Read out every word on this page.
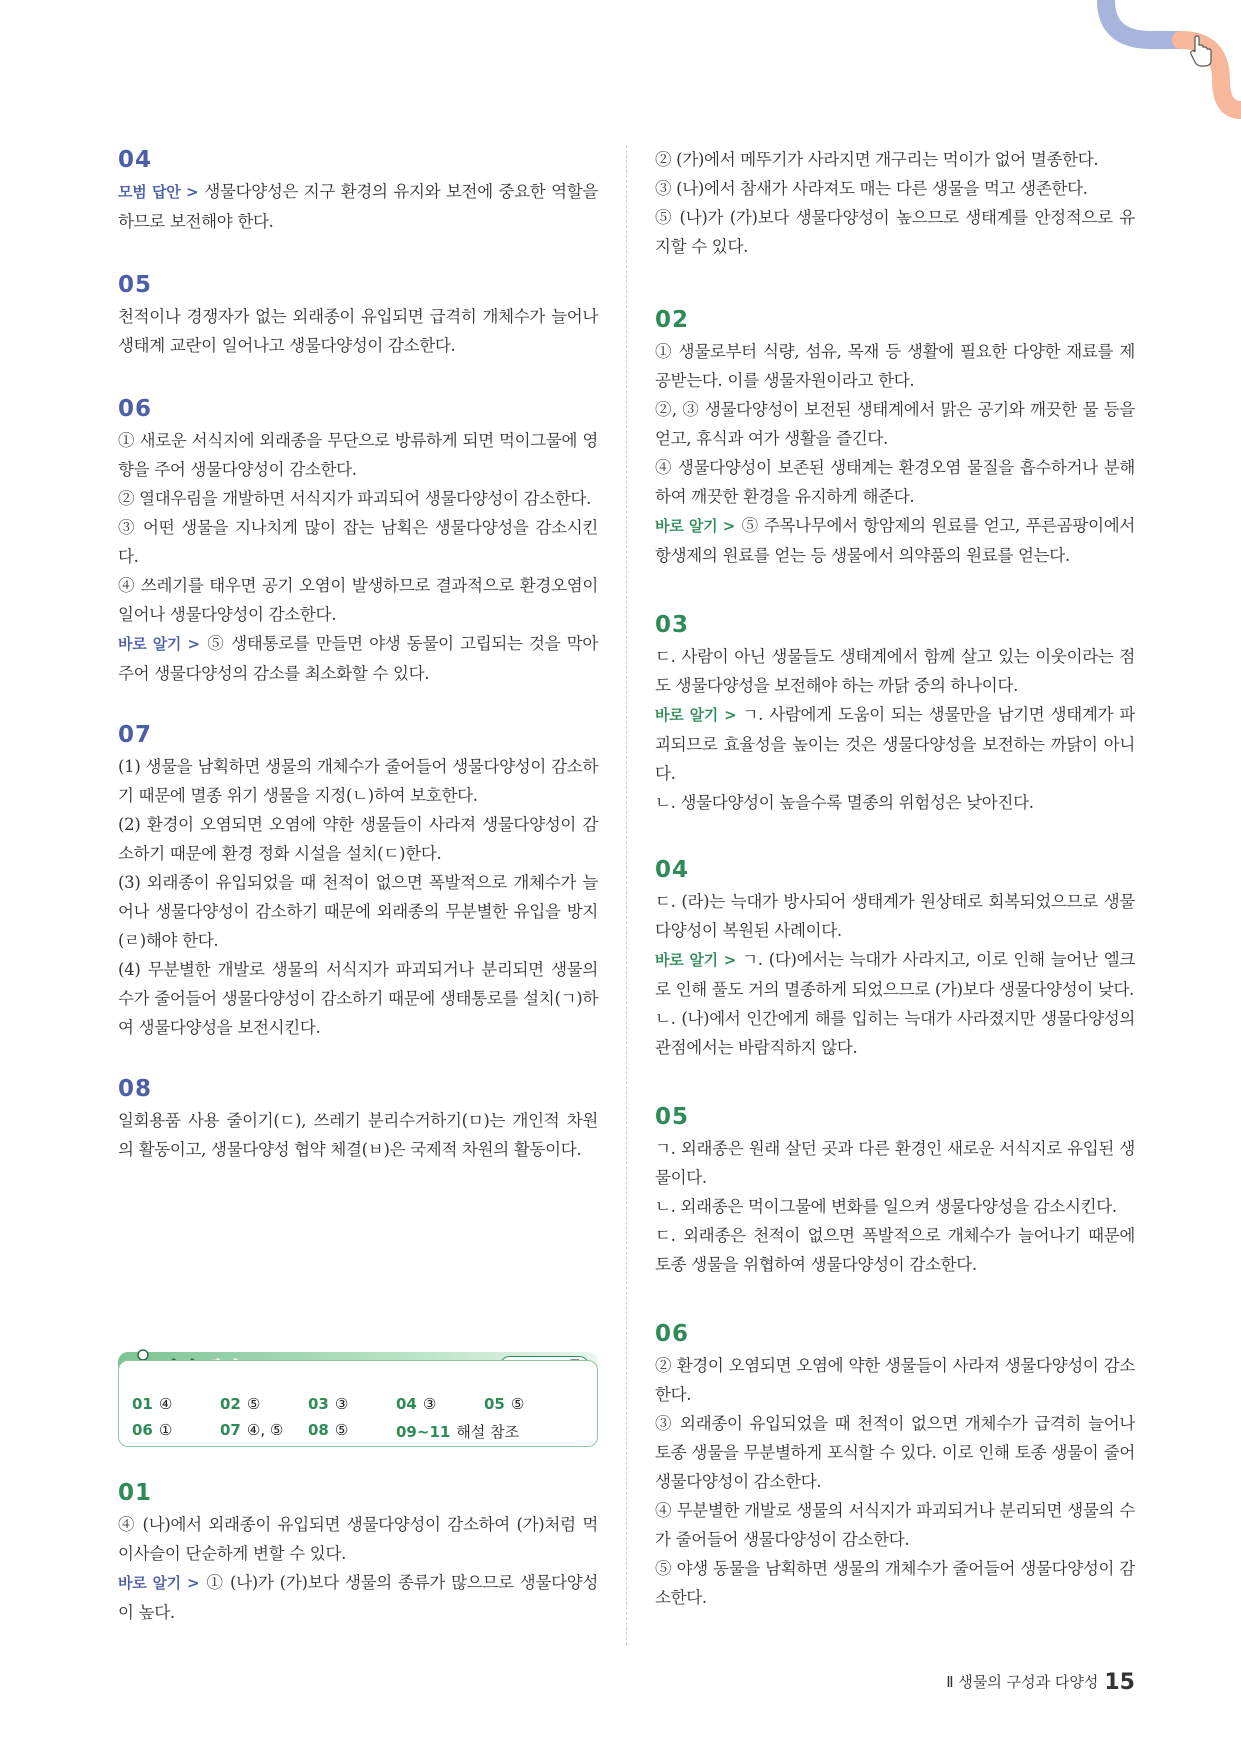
04

모범 답안 > 생물다양성은 지구 환경의 유지와 보전에 중요한 역할을 하므로 보전해야 한다.

05

천적이나 경쟁자가 없는 외래종이 유입되면 급격히 개체수가 늘어나 생태계 교란이 일어나고 생물다양성이 감소한다.

06

① 새로운 서식지에 외래종을 무단으로 방류하게 되면 먹이그물에 영향을 주어 생물다양성이 감소한다.

② 열대우림을 개발하면 서식지가 파괴되어 생물다양성이 감소한다.

③ 어떤 생물을 지나치게 많이 잡는 남획은 생물다양성을 감소시킨다.

④ 쓰레기를 태우면 공기 오염이 발생하므로 결과적으로 환경오염이 일어나 생물다양성이 감소한다.

바로 알기 > ⑤ 생태통로를 만들면 야생 동물이 고립되는 것을 막아 주어 생물다양성의 감소를 최소화할 수 있다.

07

(1) 생물을 남획하면 생물의 개체수가 줄어들어 생물다양성이 감소하기 때문에 멸종 위기 생물을 지정(ㄴ)하여 보호한다.

(2) 환경이 오염되면 오염에 약한 생물들이 사라져 생물다양성이 감소하기 때문에 환경 정화 시설을 설치(ㄷ)한다.

(3) 외래종이 유입되었을 때 천적이 없으면 폭발적으로 개체수가 늘어나 생물다양성이 감소하기 때문에 외래종의 무분별한 유입을 방지(ㄹ)해야 한다.

(4) 무분별한 개발로 생물의 서식지가 파괴되거나 분리되면 생물의 수가 줄어들어 생물다양성이 감소하기 때문에 생태통로를 설치(ㄱ)하여 생물다양성을 보전시킨다.

08

일회용품 사용 줄이기(ㄷ), 쓰레기 분리수거하기(ㅁ)는 개인적 차원의 활동이고, 생물다양성 협약 체결(ㅂ)은 국제적 차원의 활동이다.

01 ④	02 ⑤	03 ③	04 ③	05 ⑤
06 ①	07 ④, ⑤ 08 ⑤	09~11 해설 참조
01

④ (나)에서 외래종이 유입되면 생물다양성이 감소하여 (가)처럼 먹이사슬이 단순하게 변할 수 있다.

바로 알기 > ① (나)가 (가)보다 생물의 종류가 많으므로 생물다양성이 높다.

② (가)에서 메뚜기가 사라지면 개구리는 먹이가 없어 멸종한다.

③ (나)에서 참새가 사라져도 매는 다른 생물을 먹고 생존한다.

⑤ (나)가 (가)보다 생물다양성이 높으므로 생태계를 안정적으로 유지할 수 있다.

02

① 생물로부터 식량, 섬유, 목재 등 생활에 필요한 다양한 재료를 제공받는다. 이를 생물자원이라고 한다.

②, ③ 생물다양성이 보전된 생태계에서 맑은 공기와 깨끗한 물 등을 얻고, 휴식과 여가 생활을 즐긴다.

④ 생물다양성이 보존된 생태계는 환경오염 물질을 흡수하거나 분해하여 깨끗한 환경을 유지하게 해준다.

바로 알기 > ⑤ 주목나무에서 항암제의 원료를 얻고, 푸른곰팡이에서 항생제의 원료를 얻는 등 생물에서 의약품의 원료를 얻는다.

03

ㄷ. 사람이 아닌 생물들도 생태계에서 함께 살고 있는 이웃이라는 점도 생물다양성을 보전해야 하는 까닭 중의 하나이다.

바로 알기 > ㄱ. 사람에게 도움이 되는 생물만을 남기면 생태계가 파괴되므로 효율성을 높이는 것은 생물다양성을 보전하는 까닭이 아니다.

ㄴ. 생물다양성이 높을수록 멸종의 위험성은 낮아진다.

04

ㄷ. (라)는 늑대가 방사되어 생태계가 원상태로 회복되었으므로 생물다양성이 복원된 사례이다.

바로 알기 > ㄱ. (다)에서는 늑대가 사라지고, 이로 인해 늘어난 엘크로 인해 풀도 거의 멸종하게 되었으므로 (가)보다 생물다양성이 낮다.

ㄴ. (나)에서 인간에게 해를 입히는 늑대가 사라졌지만 생물다양성의 관점에서는 바람직하지 않다.

05

ㄱ. 외래종은 원래 살던 곳과 다른 환경인 새로운 서식지로 유입된 생물이다.

ㄴ. 외래종은 먹이그물에 변화를 일으켜 생물다양성을 감소시킨다.

ㄷ. 외래종은 천적이 없으면 폭발적으로 개체수가 늘어나기 때문에 토종 생물을 위협하여 생물다양성이 감소한다.

06

② 환경이 오염되면 오염에 약한 생물들이 사라져 생물다양성이 감소한다.

③ 외래종이 유입되었을 때 천적이 없으면 개체수가 급격히 늘어나 토종 생물을 무분별하게 포식할 수 있다. 이로 인해 토종 생물이 줄어 생물다양성이 감소한다.

④ 무분별한 개발로 생물의 서식지가 파괴되거나 분리되면 생물의 수가 줄어들어 생물다양성이 감소한다.

⑤ 야생 동물을 남획하면 생물의 개체수가 줄어들어 생물다양성이 감소한다.

Ⅱ 생물의 구성과 다양성 15
